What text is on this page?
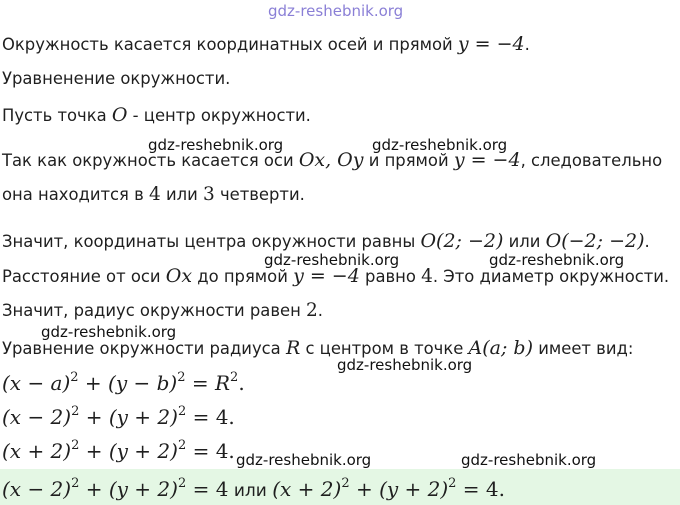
gdz-reshebnik.org
Окружность касается координатных осей и прямой y = −4.
Уравненение окружности.
Пусть точка O - центр окружности.
gdz-reshebnik.org	gdz-reshebnik.org
Так как окружность касается оси Ox, Oy и прямой y = −4, следовательно
она находится в 4 или 3 четверти.
Значит, координаты центра окружности равны O(2; −2) или O(−2; −2).
gdz-reshebnik.org	gdz-reshebnik.org
Расстояние от оси Ox до прямой y = −4 равно 4. Это диаметр окружности.
Значит, радиус окружности равен 2.
gdz-reshebnik.org
Уравнение окружности радиуса R с центром в точке A(a; b) имеет вид:
gdz-reshebnik.org
$(x - a)^2 + (y - b)^2 = R^2$.
$(x - 2)^2 + (y + 2)^2 = 4$.
$(x + 2)^2 + (y + 2)^2 = 4$. gdz-reshebnik.org	gdz-reshebnik.org
$(x - 2)^2 + (y + 2)^2 = 4$ или $(x + 2)^2 + (y + 2)^2 = 4$.
